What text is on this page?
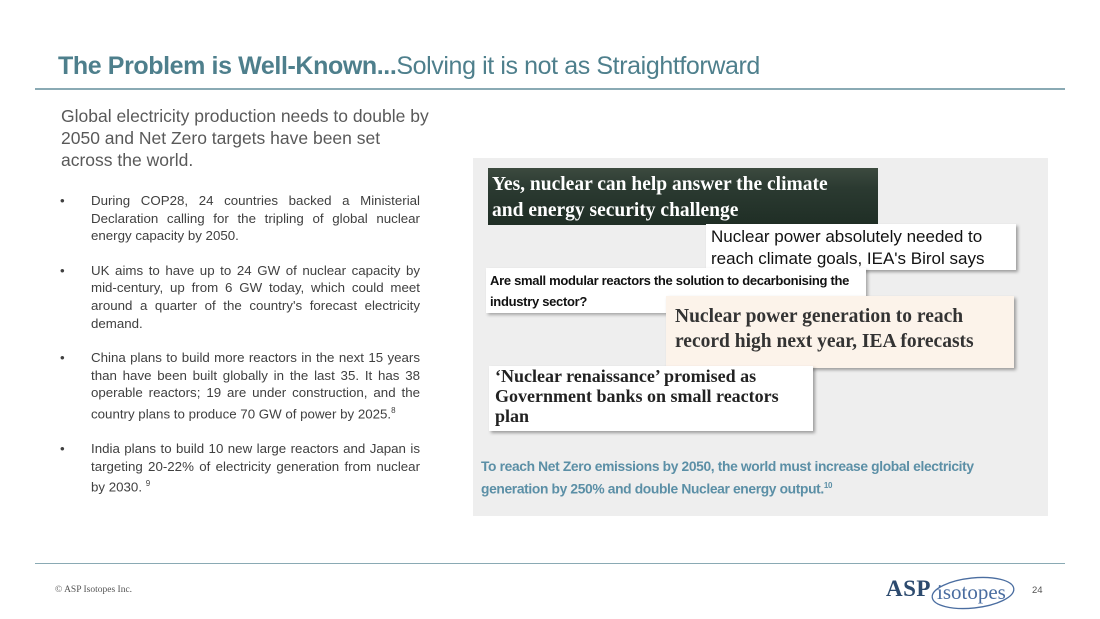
The Problem is Well-Known...Solving it is not as Straightforward
Global electricity production needs to double by 2050 and Net Zero targets have been set across the world.
• During COP28, 24 countries backed a Ministerial Declaration calling for the tripling of global nuclear energy capacity by 2050.
• UK aims to have up to 24 GW of nuclear capacity by mid-century, up from 6 GW today, which could meet around a quarter of the country's forecast electricity demand.
• China plans to build more reactors in the next 15 years than have been built globally in the last 35. It has 38 operable reactors; 19 are under construction, and the country plans to produce 70 GW of power by 2025.$^8$
• India plans to build 10 new large reactors and Japan is targeting 20-22% of electricity generation from nuclear by 2030. $^9$
Yes, nuclear can help answer the climate
and energy security challenge
Nuclear power absolutely needed to
reach climate goals, IEA's Birol says
Are small modular reactors the solution to decarbonising the
industry sector?
Nuclear power generation to reach
record high next year, IEA forecasts
‘Nuclear renaissance’ promised as
Government banks on small reactors
plan
To reach Net Zero emissions by 2050, the world must increase global electricity generation by 250% and double Nuclear energy output.$^{10}$
© ASP Isotopes Inc.	ASP isotopes	24
